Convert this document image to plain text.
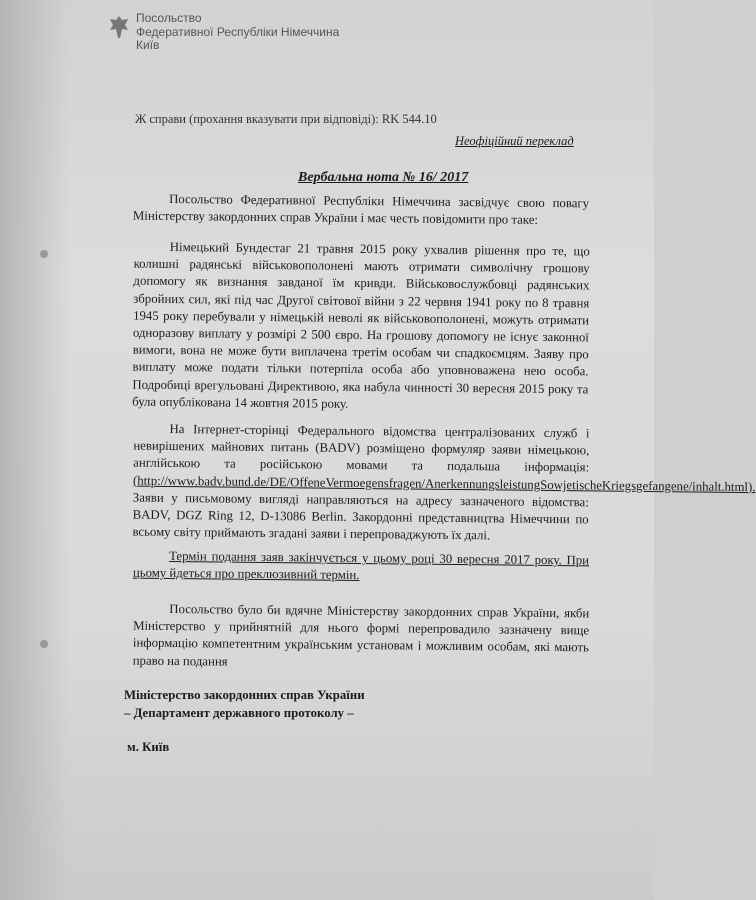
Посольство
Федеративної Республіки Німеччина
Київ
Ж справи (прохання вказувати при відповіді): RK 544.10
Неофіційний переклад
Вербальна нота № 16/ 2017

Посольство Федеративної Республіки Німеччина засвідчує свою повагу Міністерству закордонних справ України і має честь повідомити про таке:

Німецький Бундестаг 21 травня 2015 року ухвалив рішення про те, що колишні радянські військовополонені мають отримати символічну грошову допомогу як визнання завданої їм кривди. Військовослужбовці радянських збройних сил, які під час Другої світової війни з 22 червня 1941 року по 8 травня 1945 року перебували у німецькій неволі як військовополонені, можуть отримати одноразову виплату у розмірі 2 500 євро. На грошову допомогу не існує законної вимоги, вона не може бути виплачена третім особам чи спадкоємцям. Заяву про виплату може подати тільки потерпіла особа або уповноважена нею особа. Подробиці врегульовані Директивою, яка набула чинності 30 вересня 2015 року та була опублікована 14 жовтня 2015 року.

На Інтернет-сторінці Федерального відомства централізованих служб і невирішених майнових питань (BADV) розміщено формуляр заяви німецькою, англійською та російською мовами та подальша інформація: (http://www.badv.bund.de/DE/OffeneVermoegensfragen/AnerkennungsleistungSowjetischeKriegsgefangene/inhalt.html). Заяви у письмовому вигляді направляються на адресу зазначеного відомства: BADV, DGZ Ring 12, D-13086 Berlin. Закордонні представництва Німеччини по всьому світу приймають згадані заяви і перепроваджують їх далі.

Термін подання заяв закінчується у цьому році 30 вересня 2017 року. При цьому йдеться про преклюзивний термін.

Посольство було би вдячне Міністерству закордонних справ України, якби Міністерство у прийнятній для нього формі перепровадило зазначену вище інформацію компетентним українським установам і можливим особам, які мають право на подання

Міністерство закордонних справ України
– Департамент державного протоколу –
м. Київ
